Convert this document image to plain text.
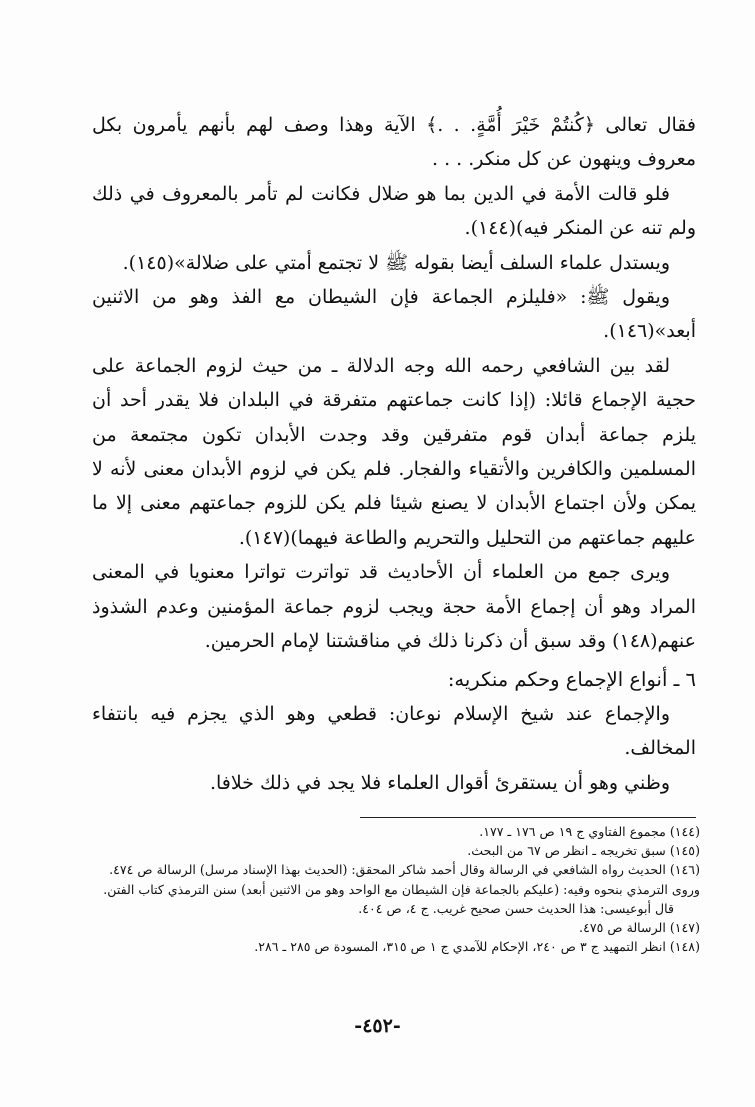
فقال تعالى ﴿كُنتُمْ خَيْرَ أُمَّةٍ. . .﴾ الآية وهذا وصف لهم بأنهم يأمرون بكل معروف وينهون عن كل منكر. . . .

فلو قالت الأمة في الدين بما هو ضلال فكانت لم تأمر بالمعروف في ذلك ولم تنه عن المنكر فيه)(١٤٤).

ويستدل علماء السلف أيضا بقوله ﷺ لا تجتمع أمتي على ضلالة»(١٤٥).

ويقول ﷺ: «فليلزم الجماعة فإن الشيطان مع الفذ وهو من الاثنين أبعد»(١٤٦).

لقد بين الشافعي رحمه الله وجه الدلالة ـ من حيث لزوم الجماعة على حجية الإجماع قائلا: (إذا كانت جماعتهم متفرقة في البلدان فلا يقدر أحد أن يلزم جماعة أبدان قوم متفرقين وقد وجدت الأبدان تكون مجتمعة من المسلمين والكافرين والأتقياء والفجار. فلم يكن في لزوم الأبدان معنى لأنه لا يمكن ولأن اجتماع الأبدان لا يصنع شيئا فلم يكن للزوم جماعتهم معنى إلا ما عليهم جماعتهم من التحليل والتحريم والطاعة فيهما)(١٤٧).

ويرى جمع من العلماء أن الأحاديث قد تواترت تواترا معنويا في المعنى المراد وهو أن إجماع الأمة حجة ويجب لزوم جماعة المؤمنين وعدم الشذوذ عنهم(١٤٨) وقد سبق أن ذكرنا ذلك في مناقشتنا لإمام الحرمين.

٦ ـ أنواع الإجماع وحكم منكريه:

والإجماع عند شيخ الإسلام نوعان: قطعي وهو الذي يجزم فيه بانتفاء المخالف.

وظني وهو أن يستقرئ أقوال العلماء فلا يجد في ذلك خلافا.

(١٤٤) مجموع الفتاوي ج ١٩ ص ١٧٦ ـ ١٧٧.

(١٤٥) سبق تخريجه ـ انظر ص ٦٧ من البحث.

(١٤٦) الحديث رواه الشافعي في الرسالة وقال أحمد شاكر المحقق: (الحديث بهذا الإسناد مرسل) الرسالة ص ٤٧٤. وروى الترمذي بنحوه وفيه: (عليكم بالجماعة فإن الشيطان مع الواحد وهو من الاثنين أبعد) سنن الترمذي كتاب الفتن.

قال أبوعيسى: هذا الحديث حسن صحيح غريب. ج ٤، ص ٤٠٤.

(١٤٧) الرسالة ص ٤٧٥.

(١٤٨) انظر التمهيد ج ٣ ص ٢٤٠، الإحكام للآمدي ج ١ ص ٣١٥، المسودة ص ٢٨٥ ـ ٢٨٦.

-٤٥٢-
